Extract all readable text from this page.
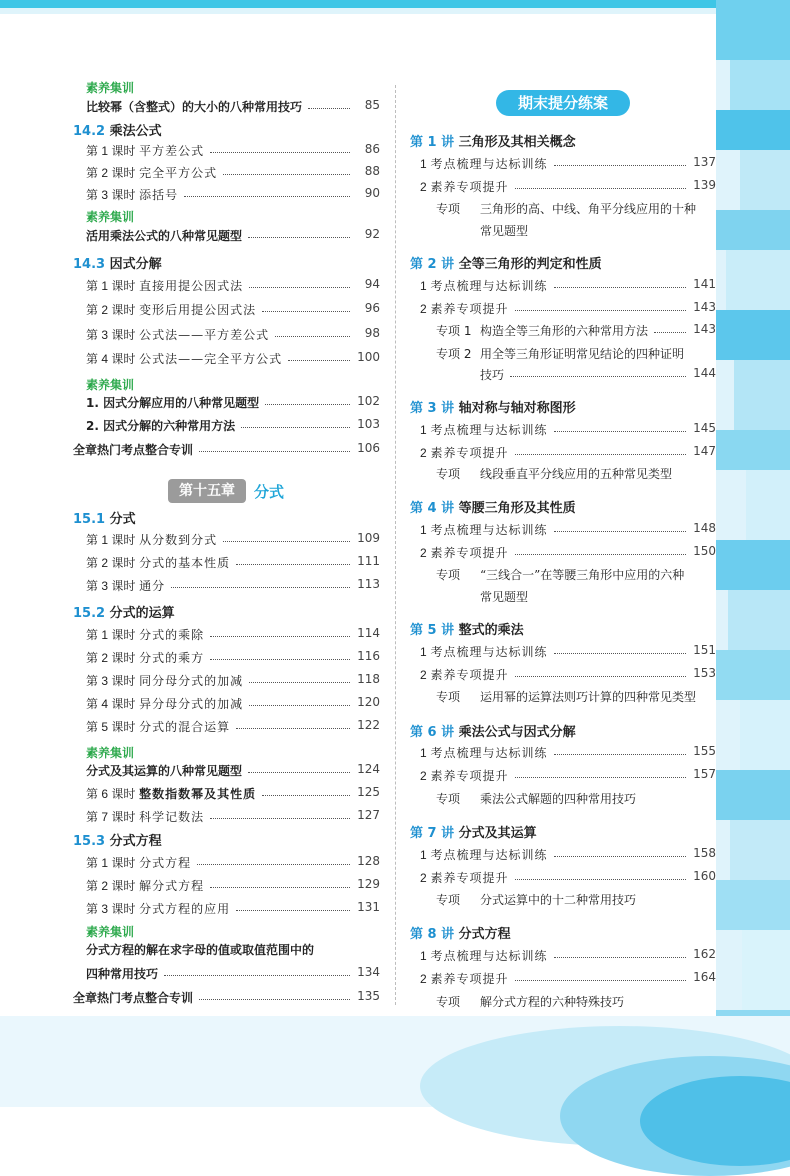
第十五章	分式
期末提分练案
素养集训
比较幂（含整式）的大小的八种常用技巧	85
14.2 乘法公式
第 1 课时 平方差公式	86
第 2 课时 完全平方公式	88
第 3 课时 添括号	90
素养集训
活用乘法公式的八种常见题型	92
14.3 因式分解
第 1 课时 直接用提公因式法	94
第 2 课时 变形后用提公因式法	96
第 3 课时 公式法——平方差公式	98
第 4 课时 公式法——完全平方公式	100
素养集训
1. 因式分解应用的八种常见题型	102
2. 因式分解的六种常用方法	103
全章热门考点整合专训	106
15.1 分式
第 1 课时 从分数到分式	109
第 2 课时 分式的基本性质	111
第 3 课时 通分	113
15.2 分式的运算
第 1 课时 分式的乘除	114
第 2 课时 分式的乘方	116
第 3 课时 同分母分式的加减	118
第 4 课时 异分母分式的加减	120
第 5 课时 分式的混合运算	122
素养集训
分式及其运算的八种常见题型	124
第 6 课时 整数指数幂及其性质	125
第 7 课时 科学记数法	127
15.3 分式方程
第 1 课时 分式方程	128
第 2 课时 解分式方程	129
第 3 课时 分式方程的应用	131
素养集训
分式方程的解在求字母的值或取值范围中的
四种常用技巧	134
全章热门考点整合专训	135
第 1 讲 三角形及其相关概念
1 考点梳理与达标训练	137
2 素养专项提升	139
专项 三角形的高、中线、角平分线应用的十种
常见题型
第 2 讲 全等三角形的判定和性质
1 考点梳理与达标训练	141
2 素养专项提升	143
专项 1 构造全等三角形的六种常用方法	143
专项 2 用全等三角形证明常见结论的四种证明
技巧	144
第 3 讲 轴对称与轴对称图形
1 考点梳理与达标训练	145
2 素养专项提升	147
专项 线段垂直平分线应用的五种常见类型
第 4 讲 等腰三角形及其性质
1 考点梳理与达标训练	148
2 素养专项提升	150
专项 “三线合一”在等腰三角形中应用的六种
常见题型
第 5 讲 整式的乘法
1 考点梳理与达标训练	151
2 素养专项提升	153
专项 运用幂的运算法则巧计算的四种常见类型
第 6 讲 乘法公式与因式分解
1 考点梳理与达标训练	155
2 素养专项提升	157
专项 乘法公式解题的四种常用技巧
第 7 讲 分式及其运算
1 考点梳理与达标训练	158
2 素养专项提升	160
专项 分式运算中的十二种常用技巧
第 8 讲 分式方程
1 考点梳理与达标训练	162
2 素养专项提升	164
专项 解分式方程的六种特殊技巧
